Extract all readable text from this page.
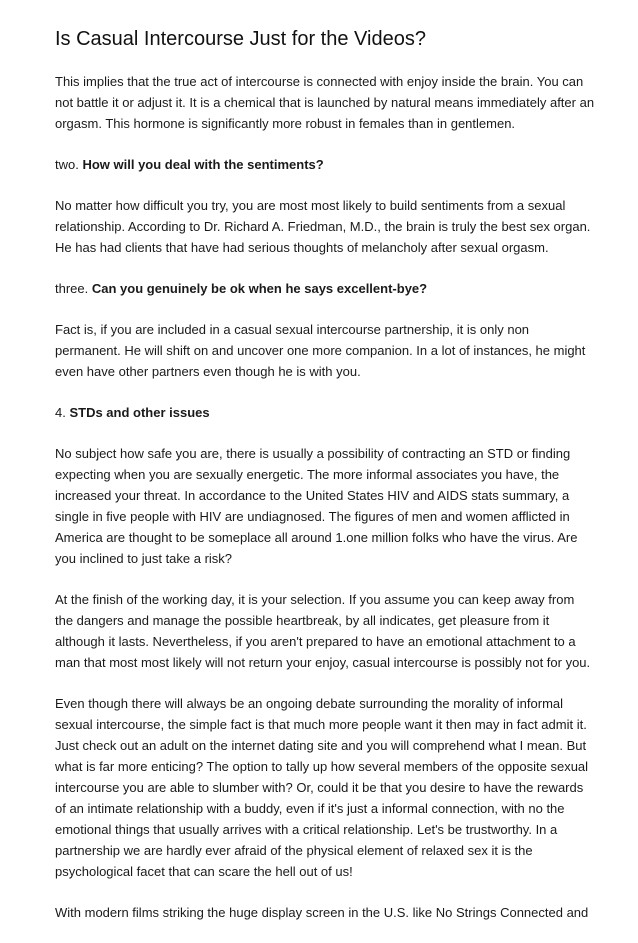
Is Casual Intercourse Just for the Videos?

This implies that the true act of intercourse is connected with enjoy inside the brain. You can not battle it or adjust it. It is a chemical that is launched by natural means immediately after an orgasm. This hormone is significantly more robust in females than in gentlemen.

two. How will you deal with the sentiments?

No matter how difficult you try, you are most most likely to build sentiments from a sexual relationship. According to Dr. Richard A. Friedman, M.D., the brain is truly the best sex organ. He has had clients that have had serious thoughts of melancholy after sexual orgasm.

three. Can you genuinely be ok when he says excellent-bye?

Fact is, if you are included in a casual sexual intercourse partnership, it is only non permanent. He will shift on and uncover one more companion. In a lot of instances, he might even have other partners even though he is with you.

4. STDs and other issues

No subject how safe you are, there is usually a possibility of contracting an STD or finding expecting when you are sexually energetic. The more informal associates you have, the increased your threat. In accordance to the United States HIV and AIDS stats summary, a single in five people with HIV are undiagnosed. The figures of men and women afflicted in America are thought to be someplace all around 1.one million folks who have the virus. Are you inclined to just take a risk?

At the finish of the working day, it is your selection. If you assume you can keep away from the dangers and manage the possible heartbreak, by all indicates, get pleasure from it although it lasts. Nevertheless, if you aren't prepared to have an emotional attachment to a man that most most likely will not return your enjoy, casual intercourse is possibly not for you.

Even though there will always be an ongoing debate surrounding the morality of informal sexual intercourse, the simple fact is that much more people want it then may in fact admit it. Just check out an adult on the internet dating site and you will comprehend what I mean. But what is far more enticing? The option to tally up how several members of the opposite sexual intercourse you are able to slumber with? Or, could it be that you desire to have the rewards of an intimate relationship with a buddy, even if it's just a informal connection, with no the emotional things that usually arrives with a critical relationship. Let's be trustworthy. In a partnership we are hardly ever afraid of the physical element of relaxed sex it is the psychological facet that can scare the hell out of us!

With modern films striking the huge display screen in the U.S. like No Strings Connected and
